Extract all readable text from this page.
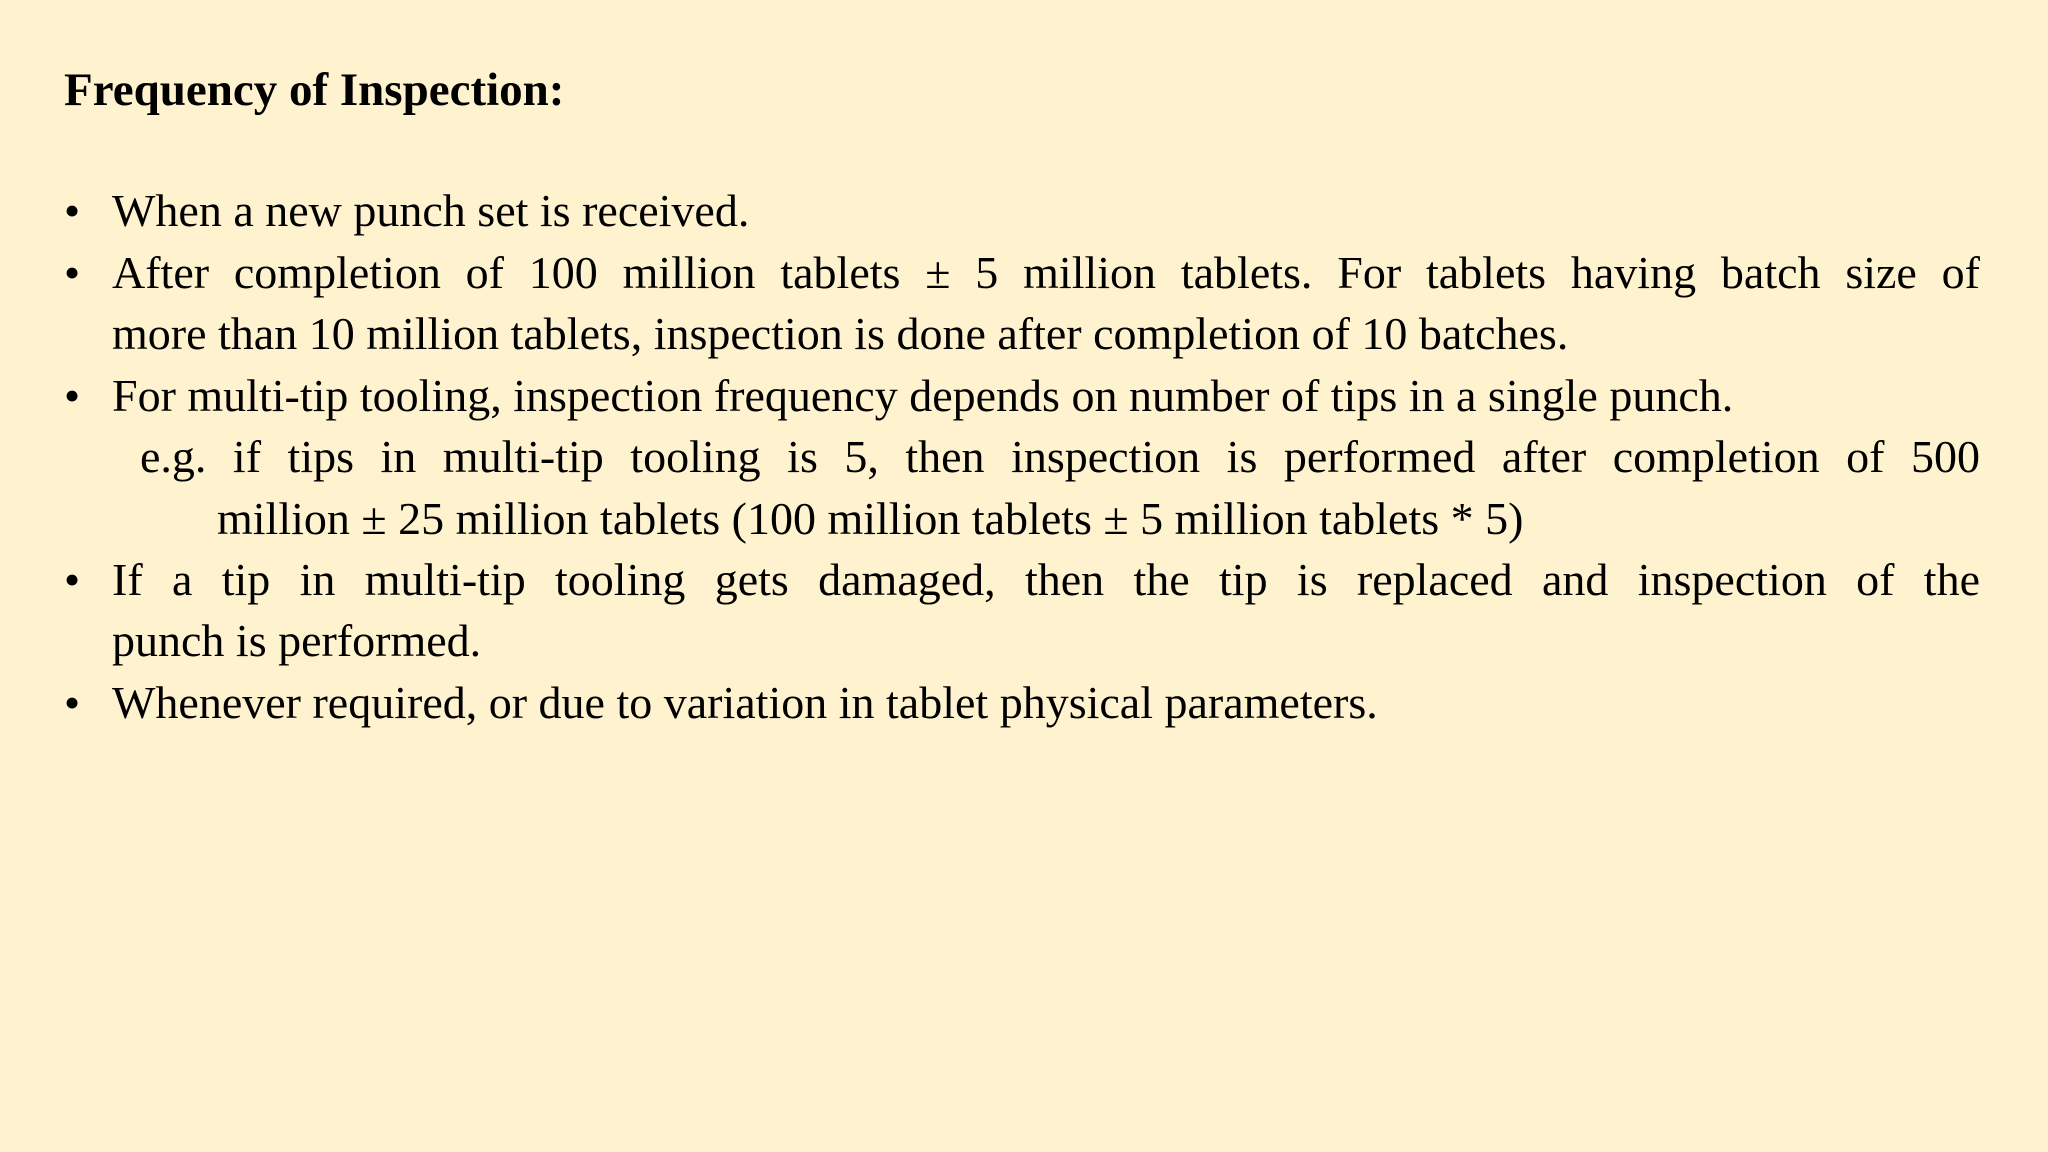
Frequency of Inspection:
• When a new punch set is received.
• After completion of 100 million tablets ± 5 million tablets. For tablets having batch size of
more than 10 million tablets, inspection is done after completion of 10 batches.
• For multi-tip tooling, inspection frequency depends on number of tips in a single punch.
e.g. if tips in multi-tip tooling is 5, then inspection is performed after completion of 500
million ± 25 million tablets (100 million tablets ± 5 million tablets * 5)
• If a tip in multi-tip tooling gets damaged, then the tip is replaced and inspection of the
punch is performed.
• Whenever required, or due to variation in tablet physical parameters.
